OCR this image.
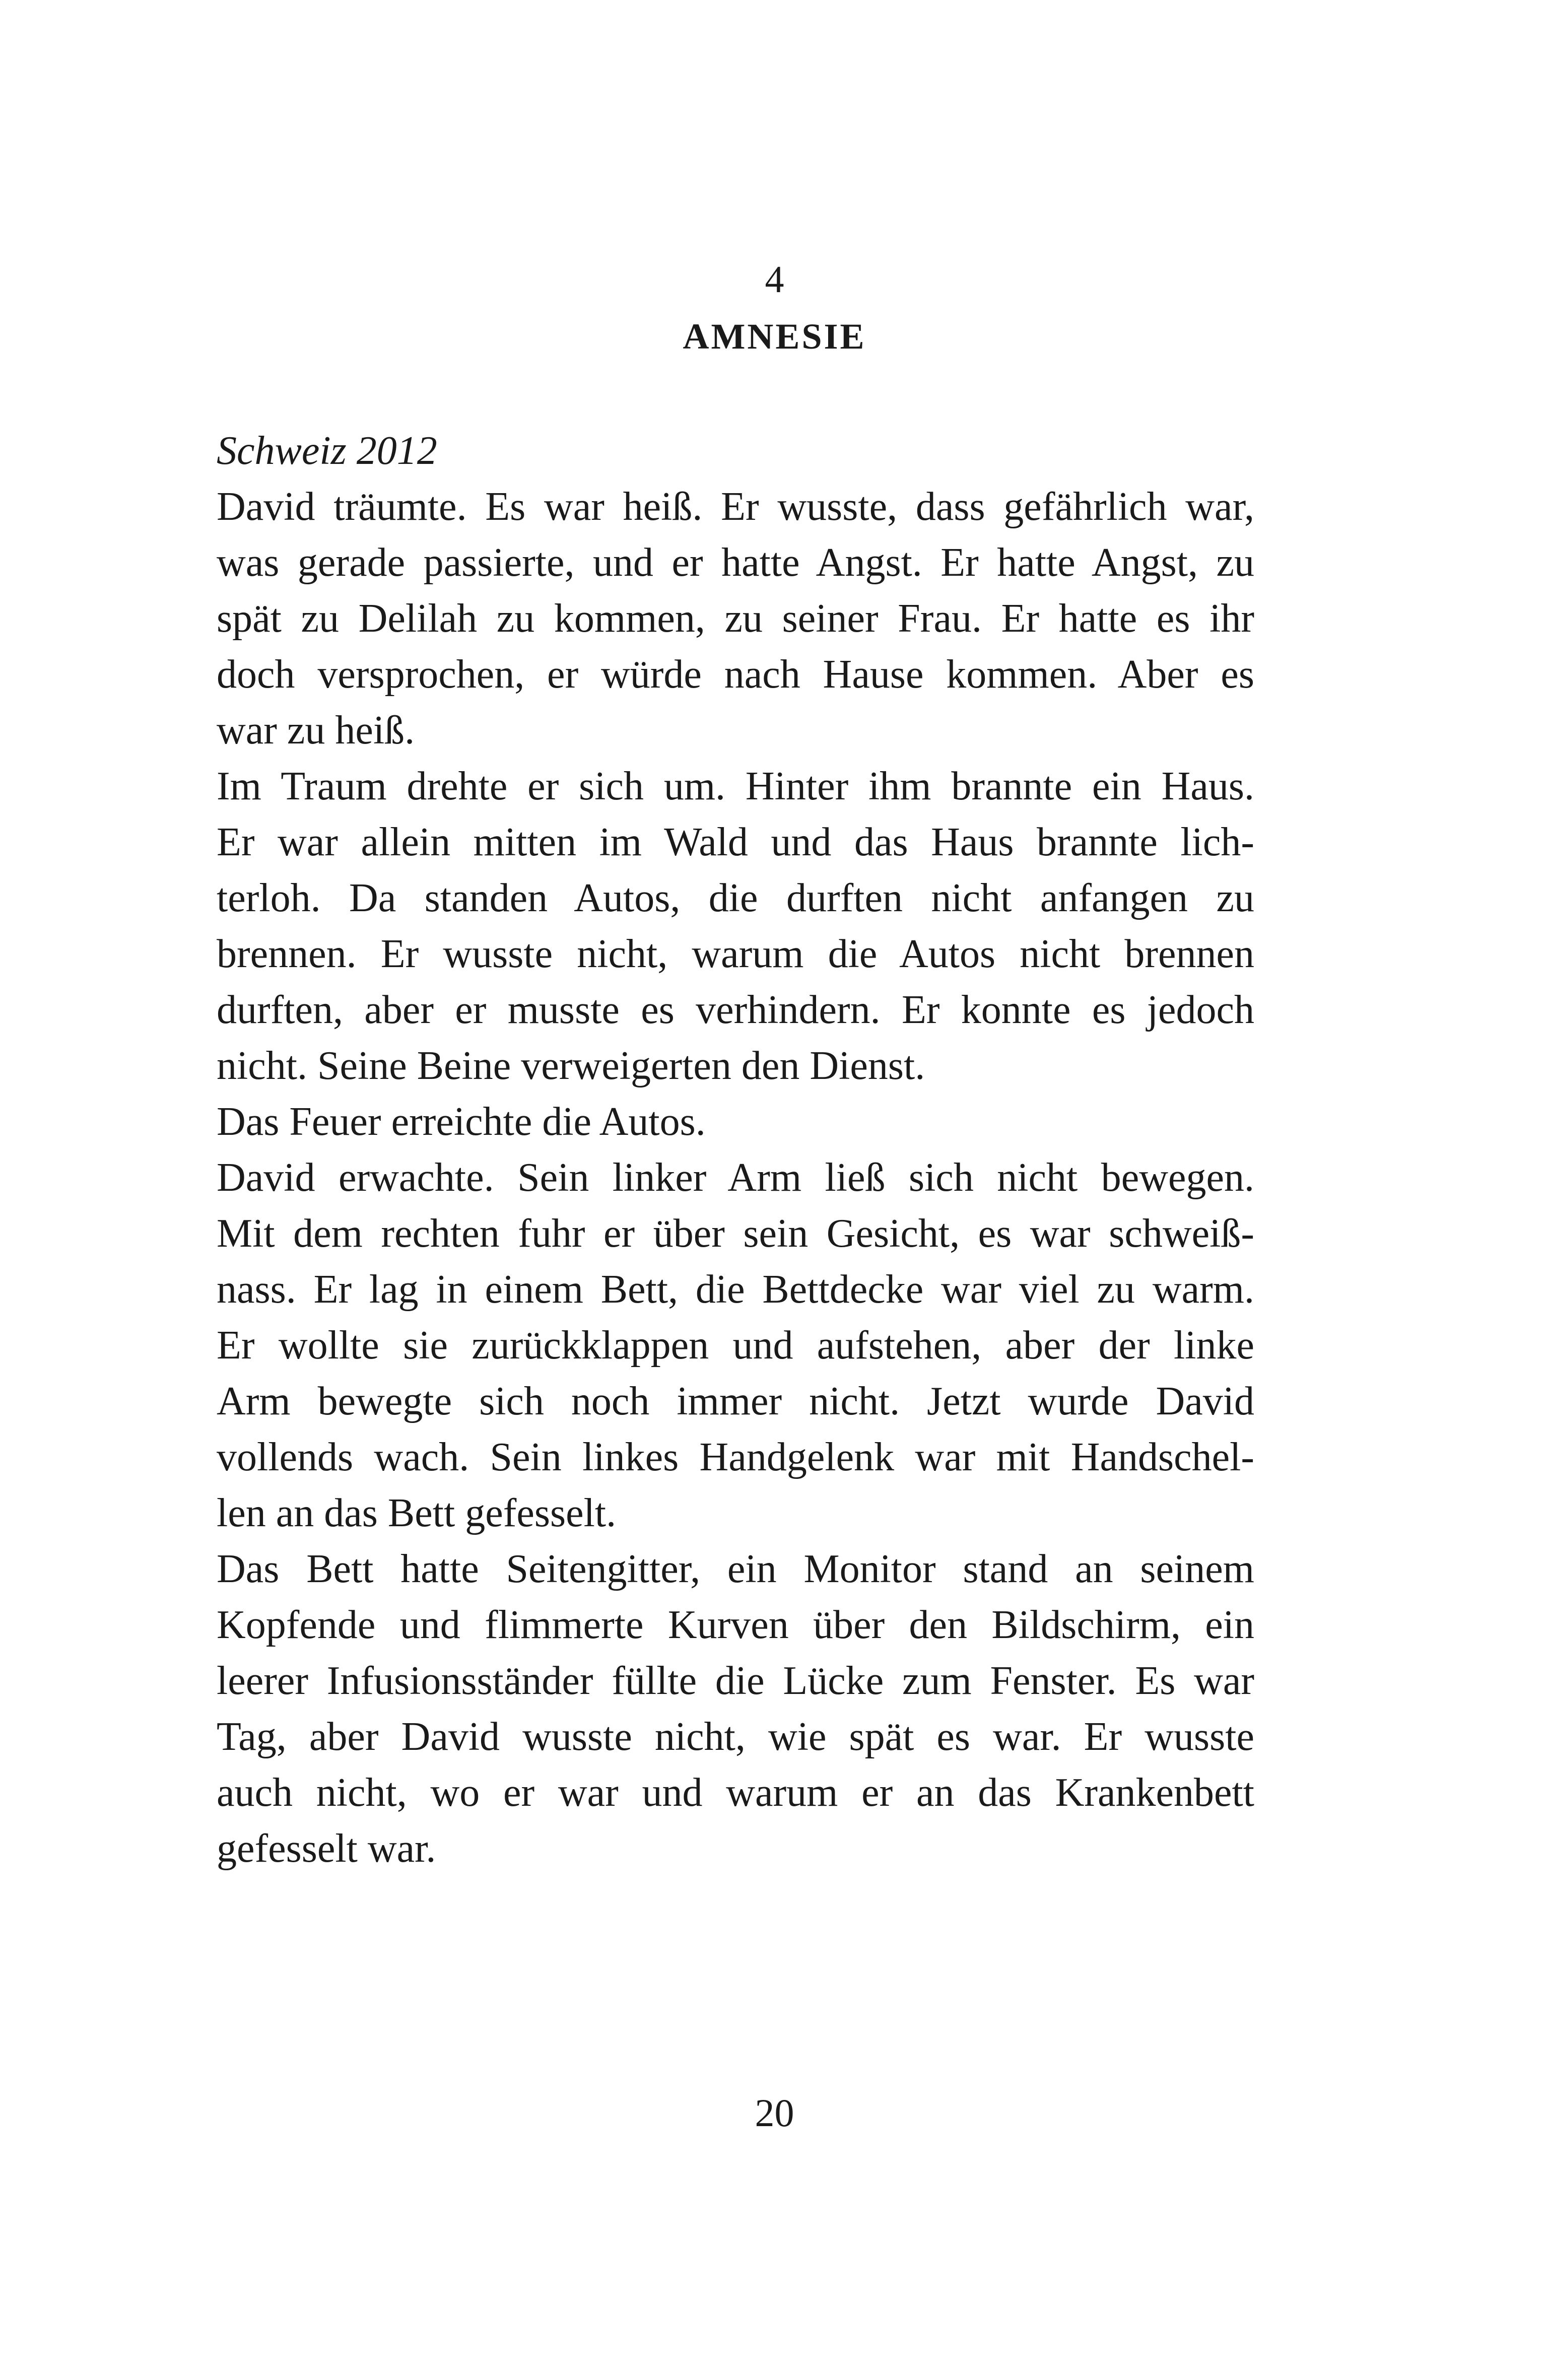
4
AMNESIE
Schweiz 2012
David träumte. Es war heiß. Er wusste, dass gefährlich war,
was gerade passierte, und er hatte Angst. Er hatte Angst, zu
spät zu Delilah zu kommen, zu seiner Frau. Er hatte es ihr
doch versprochen, er würde nach Hause kommen. Aber es
war zu heiß.
Im Traum drehte er sich um. Hinter ihm brannte ein Haus.
Er war allein mitten im Wald und das Haus brannte lich-
terloh. Da standen Autos, die durften nicht anfangen zu
brennen. Er wusste nicht, warum die Autos nicht brennen
durften, aber er musste es verhindern. Er konnte es jedoch
nicht. Seine Beine verweigerten den Dienst.
Das Feuer erreichte die Autos.
David erwachte. Sein linker Arm ließ sich nicht bewegen.
Mit dem rechten fuhr er über sein Gesicht, es war schweiß-
nass. Er lag in einem Bett, die Bettdecke war viel zu warm.
Er wollte sie zurückklappen und aufstehen, aber der linke
Arm bewegte sich noch immer nicht. Jetzt wurde David
vollends wach. Sein linkes Handgelenk war mit Handschel-
len an das Bett gefesselt.
Das Bett hatte Seitengitter, ein Monitor stand an seinem
Kopfende und flimmerte Kurven über den Bildschirm, ein
leerer Infusionsständer füllte die Lücke zum Fenster. Es war
Tag, aber David wusste nicht, wie spät es war. Er wusste
auch nicht, wo er war und warum er an das Krankenbett
gefesselt war.
20
